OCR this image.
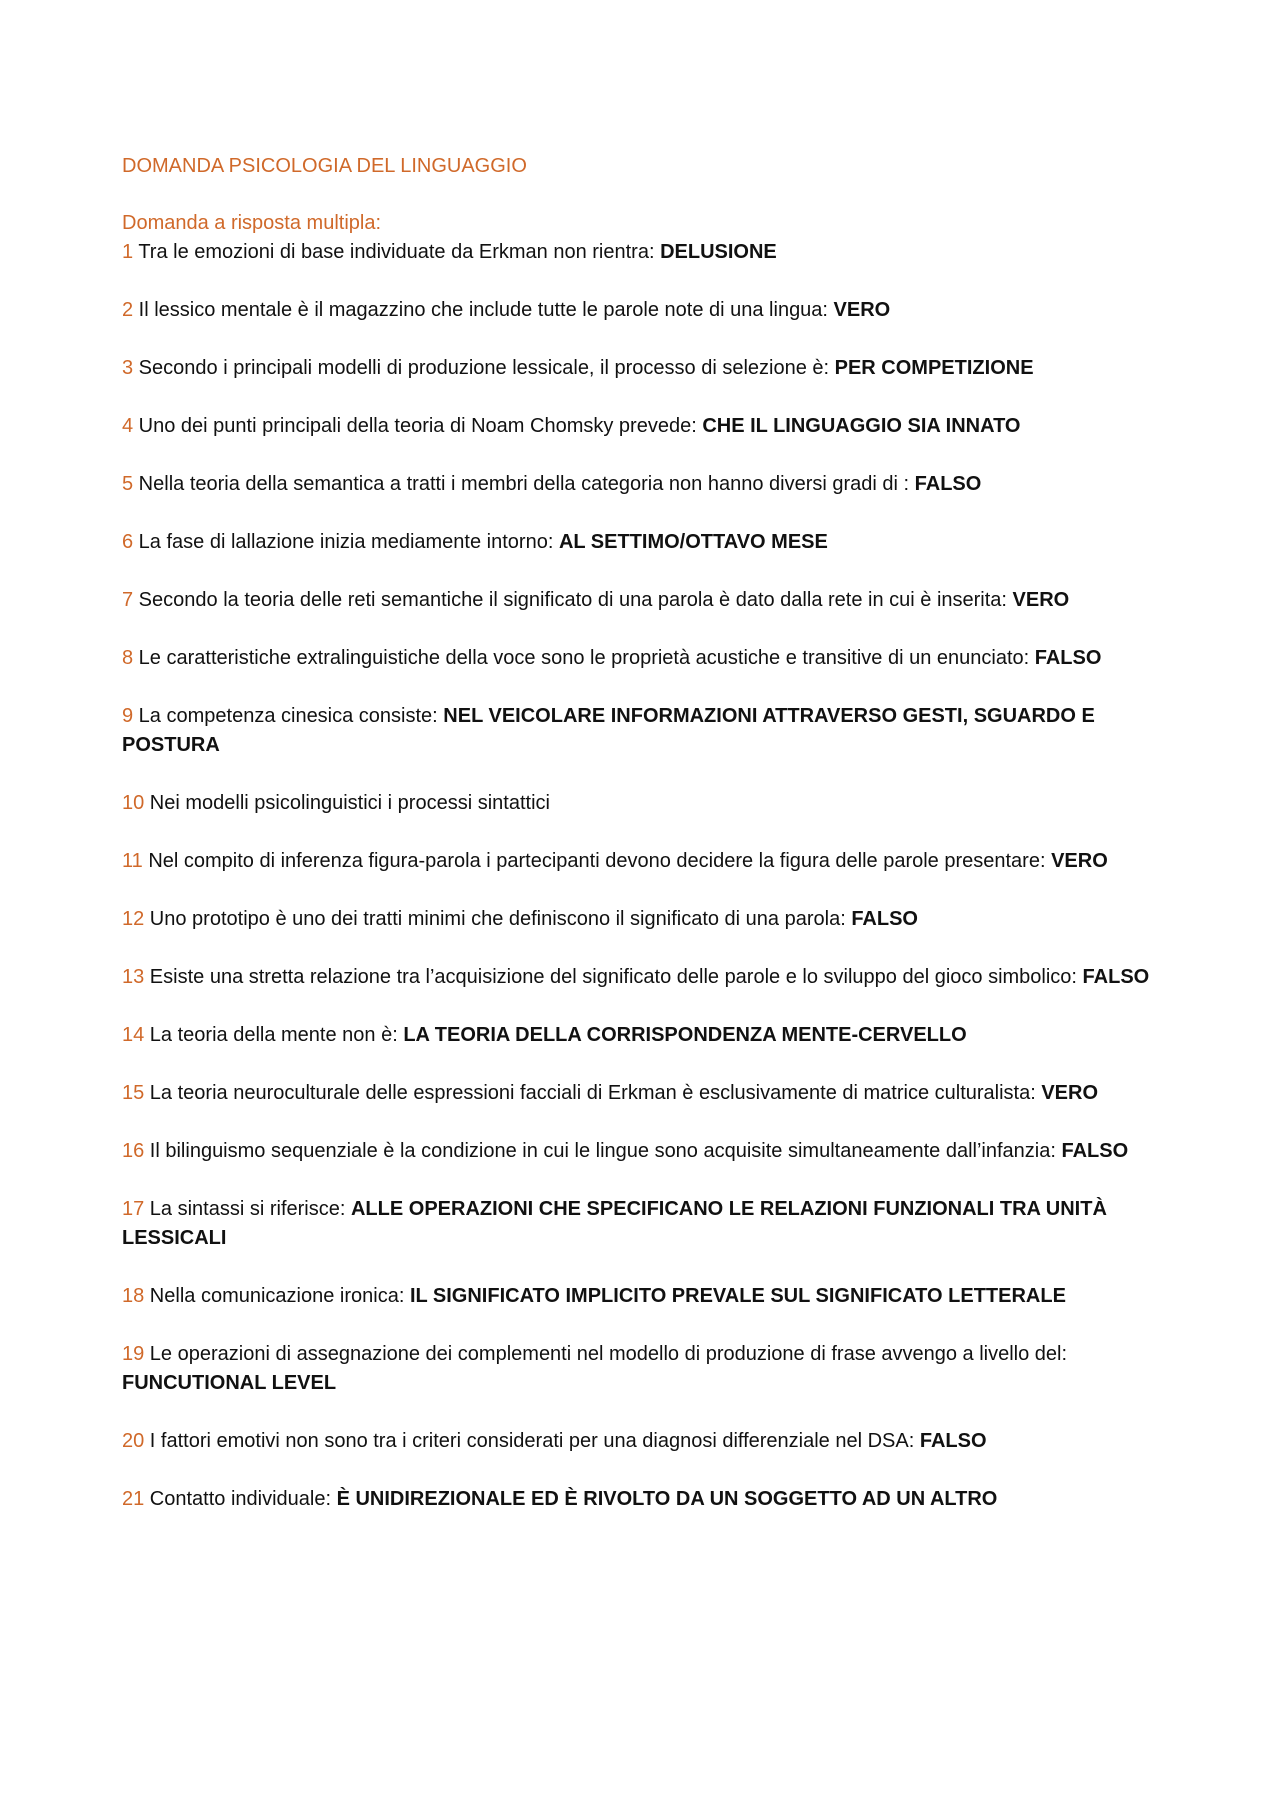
DOMANDA PSICOLOGIA DEL LINGUAGGIO
Domanda a risposta multipla:
1 Tra le emozioni di base individuate da Erkman non rientra: DELUSIONE
2 Il lessico mentale è il magazzino che include tutte le parole note di una lingua: VERO
3 Secondo i principali modelli di produzione lessicale, il processo di selezione è: PER COMPETIZIONE
4 Uno dei punti principali della teoria di Noam Chomsky prevede: CHE IL LINGUAGGIO SIA INNATO
5 Nella teoria della semantica a tratti i membri della categoria non hanno diversi gradi di : FALSO
6 La fase di lallazione inizia mediamente intorno: AL SETTIMO/OTTAVO MESE
7 Secondo la teoria delle reti semantiche il significato di una parola è dato dalla rete in cui è inserita: VERO
8 Le caratteristiche extralinguistiche della voce sono le proprietà acustiche e transitive di un enunciato: FALSO
9 La competenza cinesica consiste: NEL VEICOLARE INFORMAZIONI ATTRAVERSO GESTI, SGUARDO E POSTURA
10 Nei modelli psicolinguistici i processi sintattici
11 Nel compito di inferenza figura-parola i partecipanti devono decidere la figura delle parole presentare: VERO
12 Uno prototipo è uno dei tratti minimi che definiscono il significato di una parola: FALSO
13 Esiste una stretta relazione tra l’acquisizione del significato delle parole e lo sviluppo del gioco simbolico: FALSO
14 La teoria della mente non è: LA TEORIA DELLA CORRISPONDENZA MENTE-CERVELLO
15 La teoria neuroculturale delle espressioni facciali di Erkman è esclusivamente di matrice culturalista: VERO
16 Il bilinguismo sequenziale è la condizione in cui le lingue sono acquisite simultaneamente dall’infanzia: FALSO
17 La sintassi si riferisce: ALLE OPERAZIONI CHE SPECIFICANO LE RELAZIONI FUNZIONALI TRA UNITÀ LESSICALI
18 Nella comunicazione ironica: IL SIGNIFICATO IMPLICITO PREVALE SUL SIGNIFICATO LETTERALE
19 Le operazioni di assegnazione dei complementi nel modello di produzione di frase avvengo a livello del: FUNCUTIONAL LEVEL
20 I fattori emotivi non sono tra i criteri considerati per una diagnosi differenziale nel DSA: FALSO
21 Contatto individuale: È UNIDIREZIONALE ED È RIVOLTO DA UN SOGGETTO AD UN ALTRO
